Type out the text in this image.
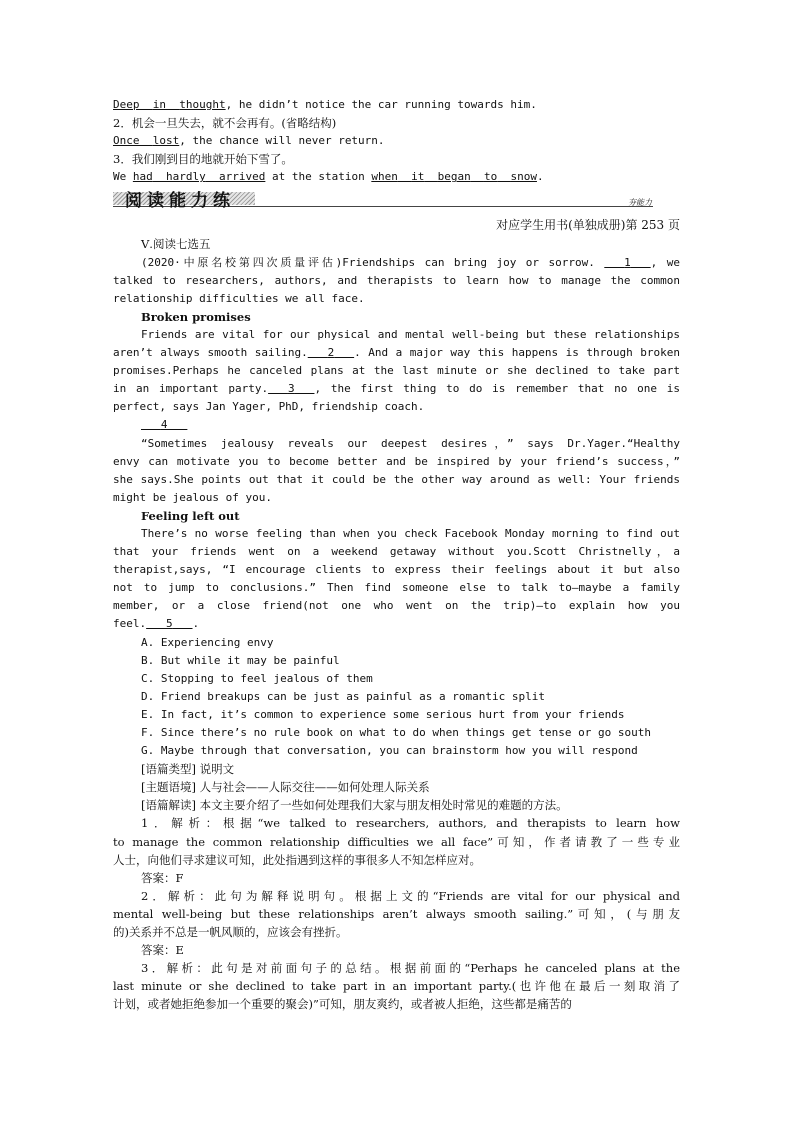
Deep in thought, he didn’t notice the car running towards him.
2．机会一旦失去，就不会再有。(省略结构)
Once lost, the chance will never return.
3．我们刚到目的地就开始下雪了。
We had hardly arrived at the station when it began to snow.
阅读能力练	夯能力
对应学生用书(单独成册)第 253 页
Ⅴ.阅读七选五
(2020·中原名校第四次质量评估)Friendships can bring joy or sorrow.	1 , we
talked to researchers, authors, and therapists to learn how to manage the common
relationship difficulties we all face.
Broken promises
Friends are vital for our physical and mental well-being but these relationships
aren’t always smooth sailing. 2 . And a major way this happens is through broken
promises.Perhaps he canceled plans at the last minute or she declined to take part
in an important party. 3 , the first thing to do is remember that no one is
perfect, says Jan Yager, PhD, friendship coach.
4
“Sometimes jealousy reveals our deepest desires，” says Dr.Yager.“Healthy
envy can motivate you to become better and be inspired by your friend’s success，”
she says.She points out that it could be the other way around as well: Your friends
might be jealous of you.
Feeling left out
There’s no worse feeling than when you check Facebook Monday morning to find out
that your friends went on a weekend getaway without you.Scott Christnelly，a
therapist,says, “I encourage clients to express their feelings about it but also
not to jump to conclusions.” Then find someone else to talk to—maybe a family
member, or a close friend(not one who went on the trip)—to explain how you
feel. 5 .
A. Experiencing envy
B. But while it may be painful
C. Stopping to feel jealous of them
D. Friend breakups can be just as painful as a romantic split
E. In fact, it’s common to experience some serious hurt from your friends
F. Since there’s no rule book on what to do when things get tense or go south
G. Maybe through that conversation, you can brainstorm how you will respond
[语篇类型] 说明文
[主题语境] 人与社会——人际交往——如何处理人际关系
[语篇解读] 本文主要介绍了一些如何处理我们大家与朋友相处时常见的难题的方法。
1．解析：根据“we talked to researchers, authors, and therapists to learn how
to manage the common relationship difficulties we all face”可知，作者请教了一些专业
人士，向他们寻求建议可知，此处指遇到这样的事很多人不知怎样应对。
答案：F
2．解析：此句为解释说明句。根据上文的“Friends are vital for our physical and
mental well-being but these relationships aren’t always smooth sailing.”可知，(与朋友
的)关系并不总是一帆风顺的，应该会有挫折。
答案：E
3．解析：此句是对前面句子的总结。根据前面的“Perhaps he canceled plans at the
last minute or she declined to take part in an important party.(也许他在最后一刻取消了
计划，或者她拒绝参加一个重要的聚会)”可知，朋友爽约，或者被人拒绝，这些都是痛苦的
